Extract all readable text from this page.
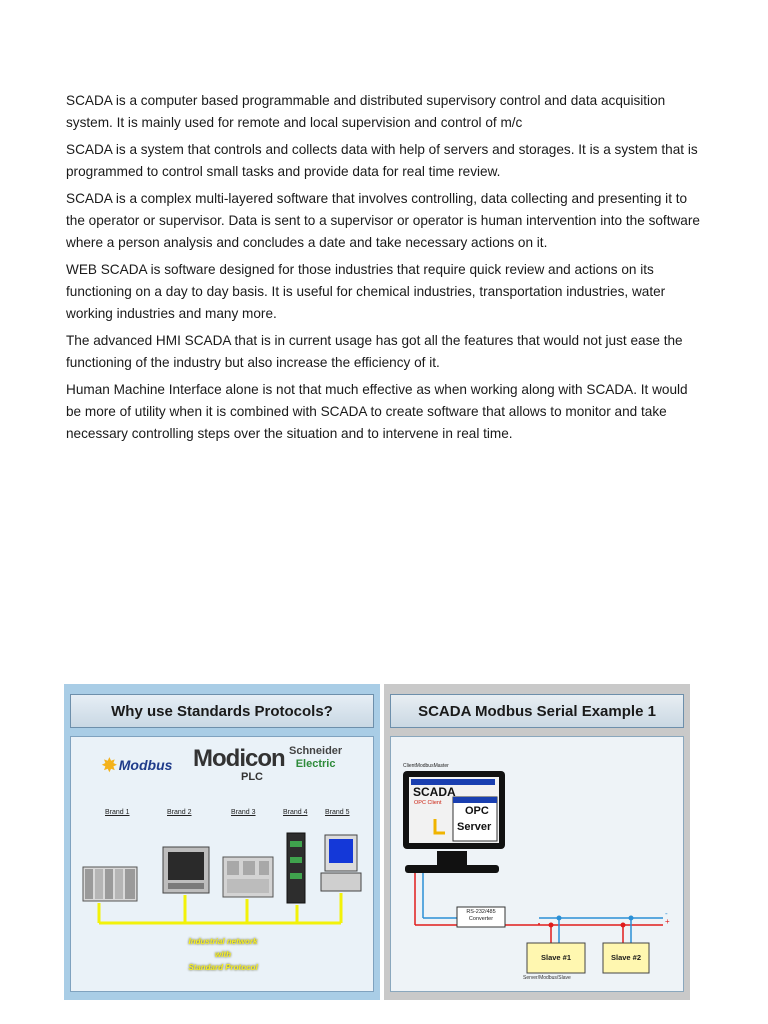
SCADA is a computer based programmable and distributed supervisory control and data acquisition system. It is mainly used for remote and local supervision and control of m/c

SCADA is a system that controls and collects data with help of servers and storages. It is a system that is programmed to control small tasks and provide data for real time review.

SCADA is a complex multi-layered software that involves controlling, data collecting and presenting it to the operator or supervisor. Data is sent to a supervisor or operator is human intervention into the software where a person analysis and concludes a date and take necessary actions on it.

WEB SCADA is software designed for those industries that require quick review and actions on its functioning on a day to day basis. It is useful for chemical industries, transportation industries, water working industries and many more.

The advanced HMI SCADA that is in current usage has got all the features that would not just ease the functioning of the industry but also increase the efficiency of it.

Human Machine Interface alone is not that much effective as when working along with SCADA. It would be more of utility when it is combined with SCADA to create software that allows to monitor and take necessary controlling steps over the situation and to intervene in real time.

Why use Standards Protocols?
✸Modbus Modicon
PLC
Schneider
Electric
Brand 1	Brand 2	Brand 3	Brand 4 Brand 5
Industrial network
with
Standard Protocol
SCADA Modbus Serial Example 1
ClientModbusMaster
SCADA
OPC Client
OPC
Server
RS-232/485
Converter	+
-
Slave #1	Slave #2
Server/Modbus/Slave
